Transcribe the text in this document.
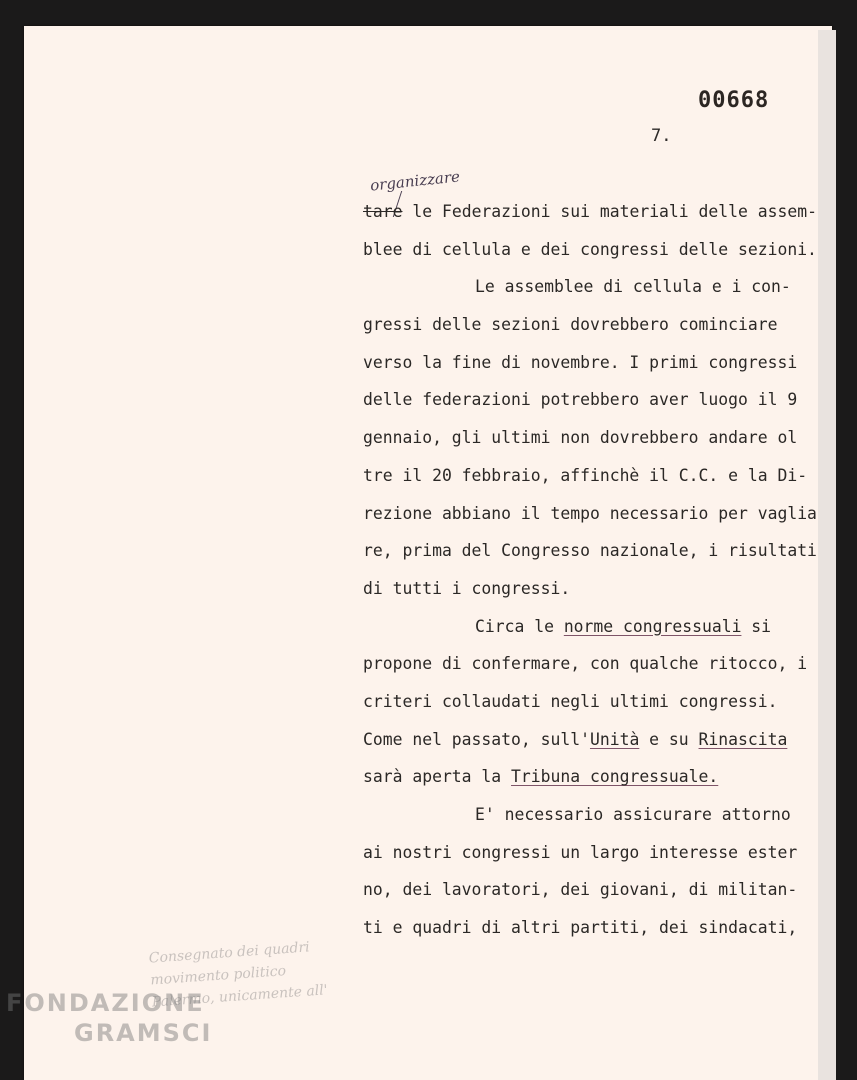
00668
7.
organizzare
tare le Federazioni sui materiali delle assem-
blee di cellula e dei congressi delle sezioni.
Le assemblee di cellula e i con-
gressi delle sezioni dovrebbero cominciare
verso la fine di novembre. I primi congressi
delle federazioni potrebbero aver luogo il 9
gennaio, gli ultimi non dovrebbero andare ol
tre il 20 febbraio, affinchè il C.C. e la Di-
rezione abbiano il tempo necessario per vaglia
re, prima del Congresso nazionale, i risultati
di tutti i congressi.
Circa le norme congressuali si
propone di confermare, con qualche ritocco, i
criteri collaudati negli ultimi congressi.
Come nel passato, sull'Unità e su Rinascita
sarà aperta la Tribuna congressuale.
E' necessario assicurare attorno
ai nostri congressi un largo interesse ester
no, dei lavoratori, dei giovani, di militan-
ti e quadri di altri partiti, dei sindacati,
Consegnato dei quadri
movimento politico
Palermo, unicamente all'
FONDAZIONE
GRAMSCI
